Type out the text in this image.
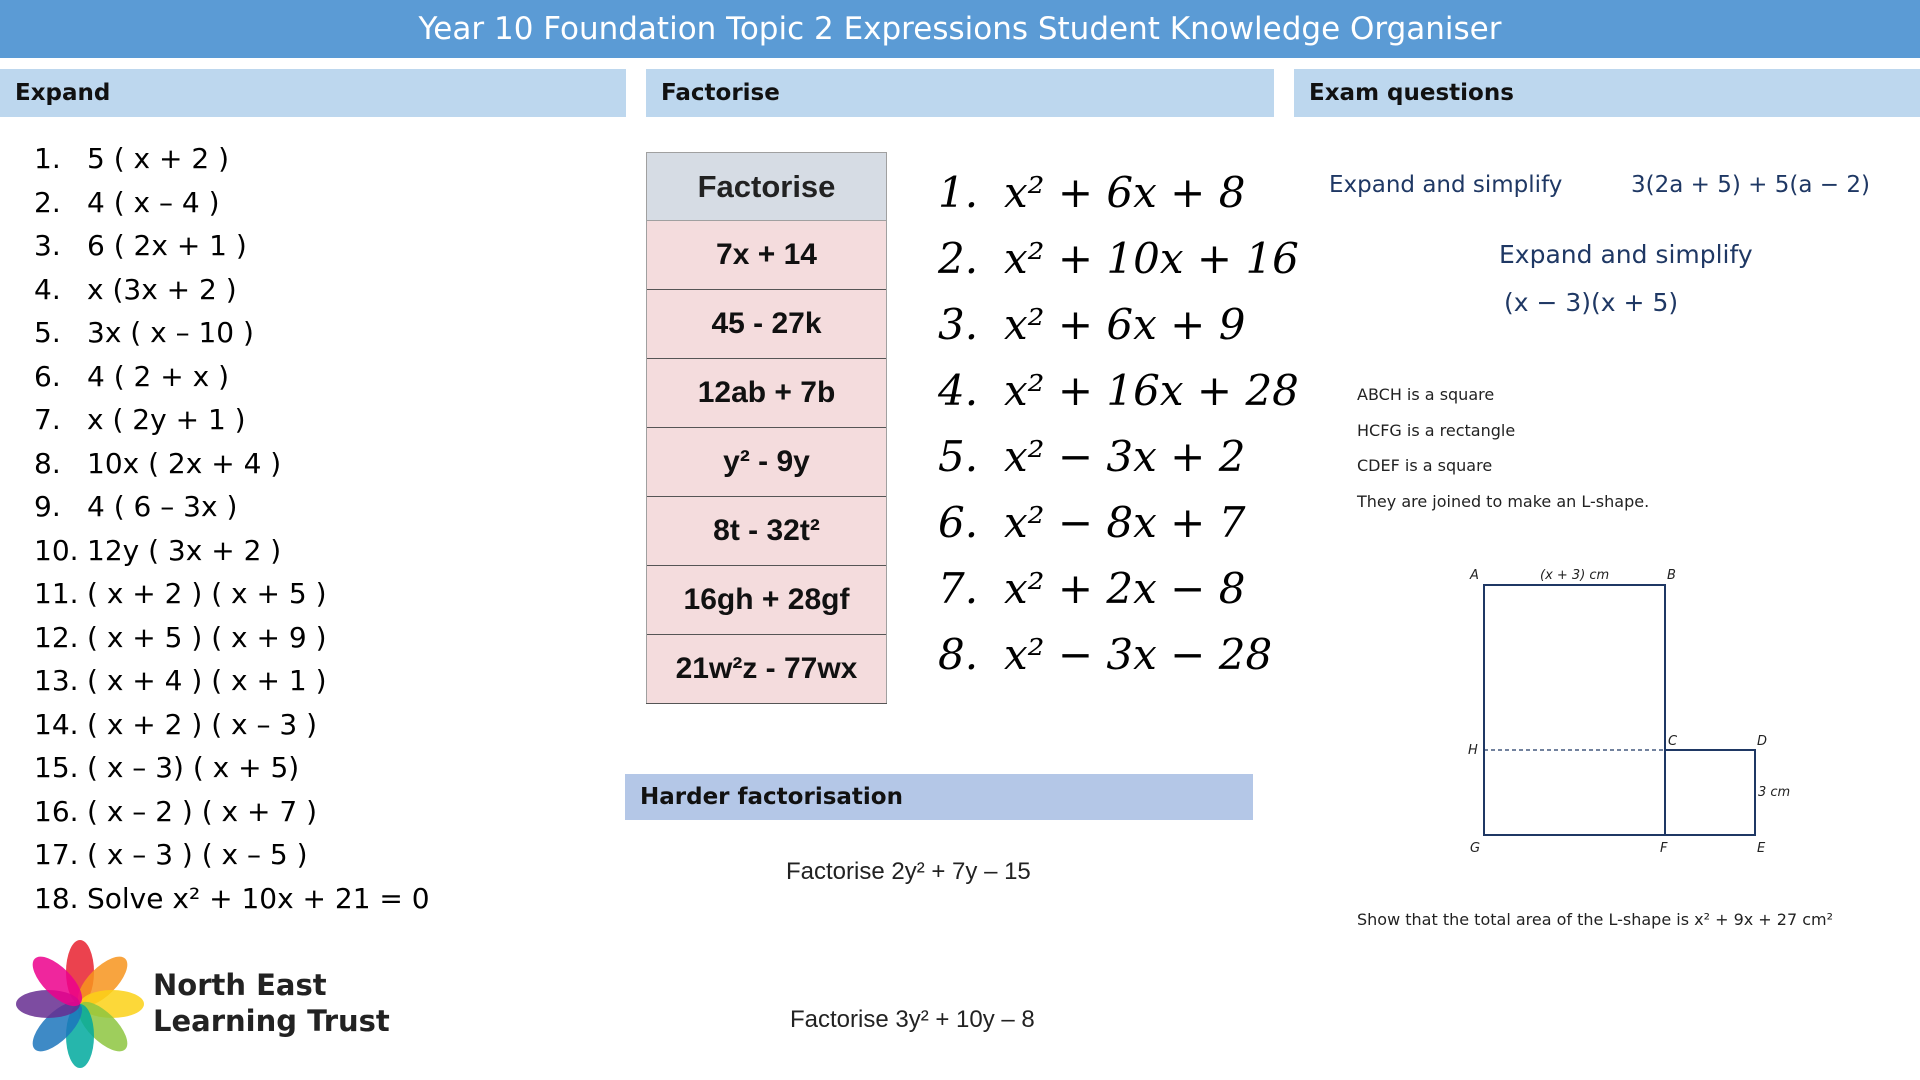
Year 10 Foundation Topic 2 Expressions Student Knowledge Organiser
Expand	Factorise	Exam questions
1. 5 ( x + 2 )
2. 4 ( x – 4 )
3. 6 ( 2x + 1 )
4. x (3x + 2 )
5. 3x ( x – 10 )
6. 4 ( 2 + x )
7. x ( 2y + 1 )
8. 10x ( 2x + 4 )
9. 4 ( 6 – 3x )
10. 12y ( 3x + 2 )
11. ( x + 2 ) ( x + 5 )
12. ( x + 5 ) ( x + 9 )
13. ( x + 4 ) ( x + 1 )
14. ( x + 2 ) ( x – 3 )
15. ( x – 3) ( x + 5)
16. ( x – 2 ) ( x + 7 )
17. ( x – 3 ) ( x – 5 )
18. Solve x² + 10x + 21 = 0
Factorise
7x + 14
45 - 27k
12ab + 7b
y² - 9y
8t - 32t²
16gh + 28gf
21w²z - 77wx
1. x² + 6x + 8
2. x² + 10x + 16
3. x² + 6x + 9
4. x² + 16x + 28
5. x² − 3x + 2
6. x² − 8x + 7
7. x² + 2x − 8
8. x² − 3x − 28
Harder factorisation
Factorise 2y² + 7y – 15
Factorise 3y² + 10y – 8
Expand and simplify	3(2a + 5) + 5(a − 2)
Expand and simplify
(x − 3)(x + 5)
ABCH is a square
HCFG is a rectangle
CDEF is a square
They are joined to make an L-shape.
A	B
C	D
E
F
G
H
(x + 3) cm
3 cm
Show that the total area of the L-shape is x² + 9x + 27 cm²
North East
Learning Trust
